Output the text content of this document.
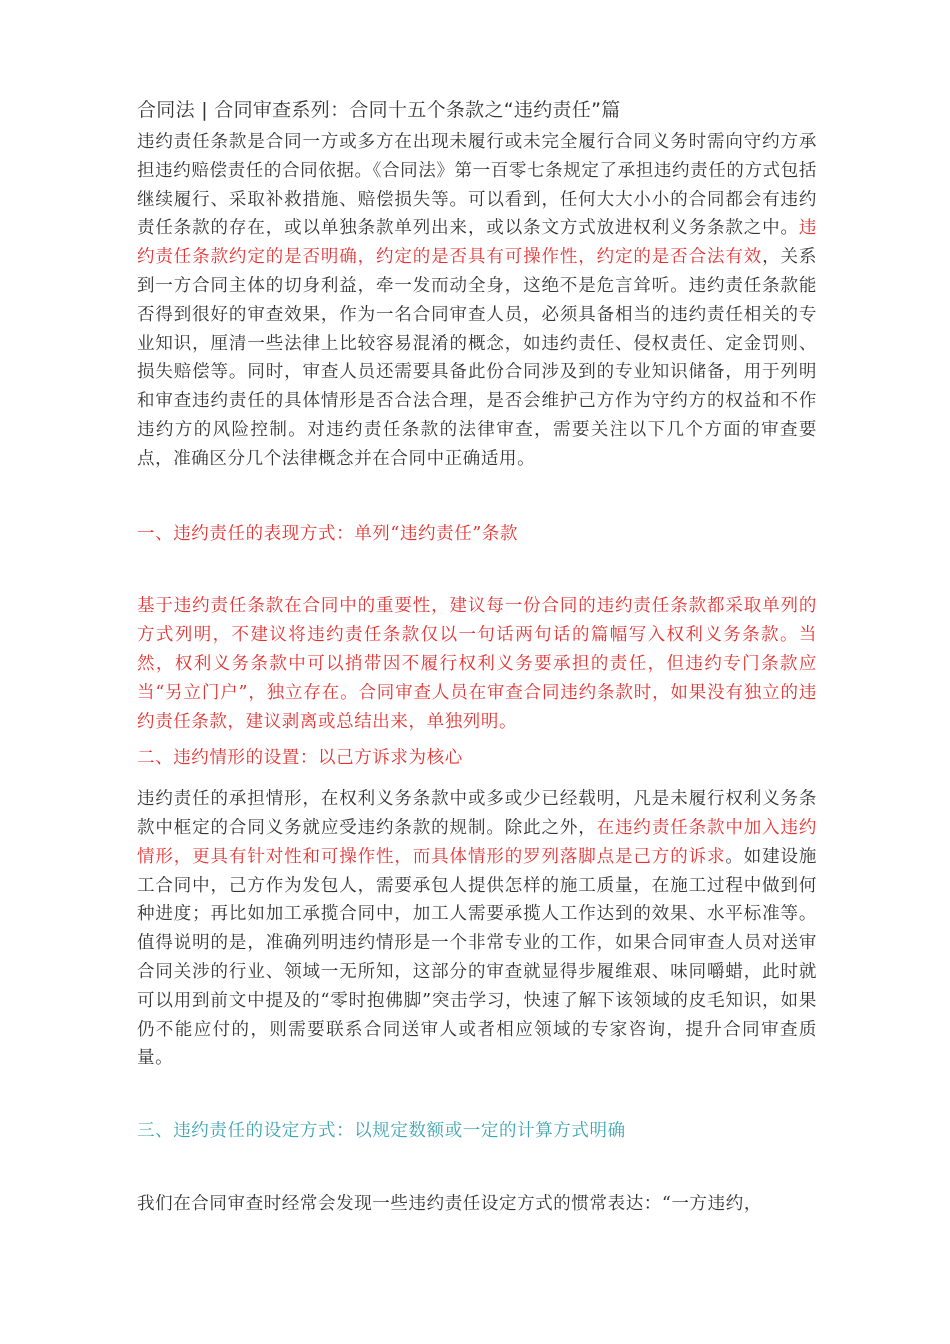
合同法 | 合同审查系列：合同十五个条款之“违约责任”篇

违约责任条款是合同一方或多方在出现未履行或未完全履行合同义务时需向守约方承担违约赔偿责任的合同依据。《合同法》第一百零七条规定了承担违约责任的方式包括继续履行、采取补救措施、赔偿损失等。可以看到，任何大大小小的合同都会有违约责任条款的存在，或以单独条款单列出来，或以条文方式放进权利义务条款之中。违约责任条款约定的是否明确，约定的是否具有可操作性，约定的是否合法有效，关系到一方合同主体的切身利益，牵一发而动全身，这绝不是危言耸听。违约责任条款能否得到很好的审查效果，作为一名合同审查人员，必须具备相当的违约责任相关的专业知识，厘清一些法律上比较容易混淆的概念，如违约责任、侵权责任、定金罚则、损失赔偿等。同时，审查人员还需要具备此份合同涉及到的专业知识储备，用于列明和审查违约责任的具体情形是否合法合理，是否会维护己方作为守约方的权益和不作违约方的风险控制。对违约责任条款的法律审查，需要关注以下几个方面的审查要点，准确区分几个法律概念并在合同中正确适用。

一、违约责任的表现方式：单列“违约责任”条款

基于违约责任条款在合同中的重要性，建议每一份合同的违约责任条款都采取单列的方式列明，不建议将违约责任条款仅以一句话两句话的篇幅写入权利义务条款。当然，权利义务条款中可以捎带因不履行权利义务要承担的责任，但违约专门条款应当“另立门户”，独立存在。合同审查人员在审查合同违约条款时，如果没有独立的违约责任条款，建议剥离或总结出来，单独列明。

二、违约情形的设置：以己方诉求为核心

违约责任的承担情形，在权利义务条款中或多或少已经载明，凡是未履行权利义务条款中框定的合同义务就应受违约条款的规制。除此之外，在违约责任条款中加入违约情形，更具有针对性和可操作性，而具体情形的罗列落脚点是己方的诉求。如建设施工合同中，己方作为发包人，需要承包人提供怎样的施工质量，在施工过程中做到何种进度；再比如加工承揽合同中，加工人需要承揽人工作达到的效果、水平标准等。值得说明的是，准确列明违约情形是一个非常专业的工作，如果合同审查人员对送审合同关涉的行业、领域一无所知，这部分的审查就显得步履维艰、味同嚼蜡，此时就可以用到前文中提及的“零时抱佛脚”突击学习，快速了解下该领域的皮毛知识，如果仍不能应付的，则需要联系合同送审人或者相应领域的专家咨询，提升合同审查质量。

三、违约责任的设定方式：以规定数额或一定的计算方式明确

我们在合同审查时经常会发现一些违约责任设定方式的惯常表达：“一方违约，
